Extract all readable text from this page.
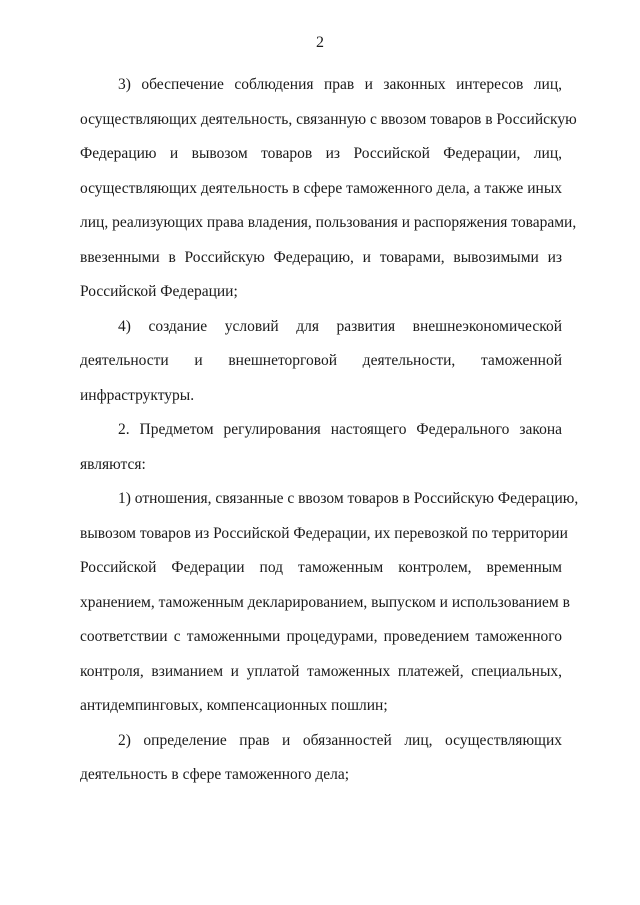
2

3) обеспечение соблюдения прав и законных интересов лиц,
осуществляющих деятельность, связанную с ввозом товаров в Российскую
Федерацию и вывозом товаров из Российской Федерации, лиц,
осуществляющих деятельность в сфере таможенного дела, а также иных
лиц, реализующих права владения, пользования и распоряжения товарами,
ввезенными в Российскую Федерацию, и товарами, вывозимыми из
Российской Федерации;

4) создание условий для развития внешнеэкономической
деятельности и внешнеторговой деятельности, таможенной
инфраструктуры.

2. Предметом регулирования настоящего Федерального закона
являются:

1) отношения, связанные с ввозом товаров в Российскую Федерацию,
вывозом товаров из Российской Федерации, их перевозкой по территории
Российской Федерации под таможенным контролем, временным
хранением, таможенным декларированием, выпуском и использованием в
соответствии с таможенными процедурами, проведением таможенного
контроля, взиманием и уплатой таможенных платежей, специальных,
антидемпинговых, компенсационных пошлин;

2) определение прав и обязанностей лиц, осуществляющих
деятельность в сфере таможенного дела;
